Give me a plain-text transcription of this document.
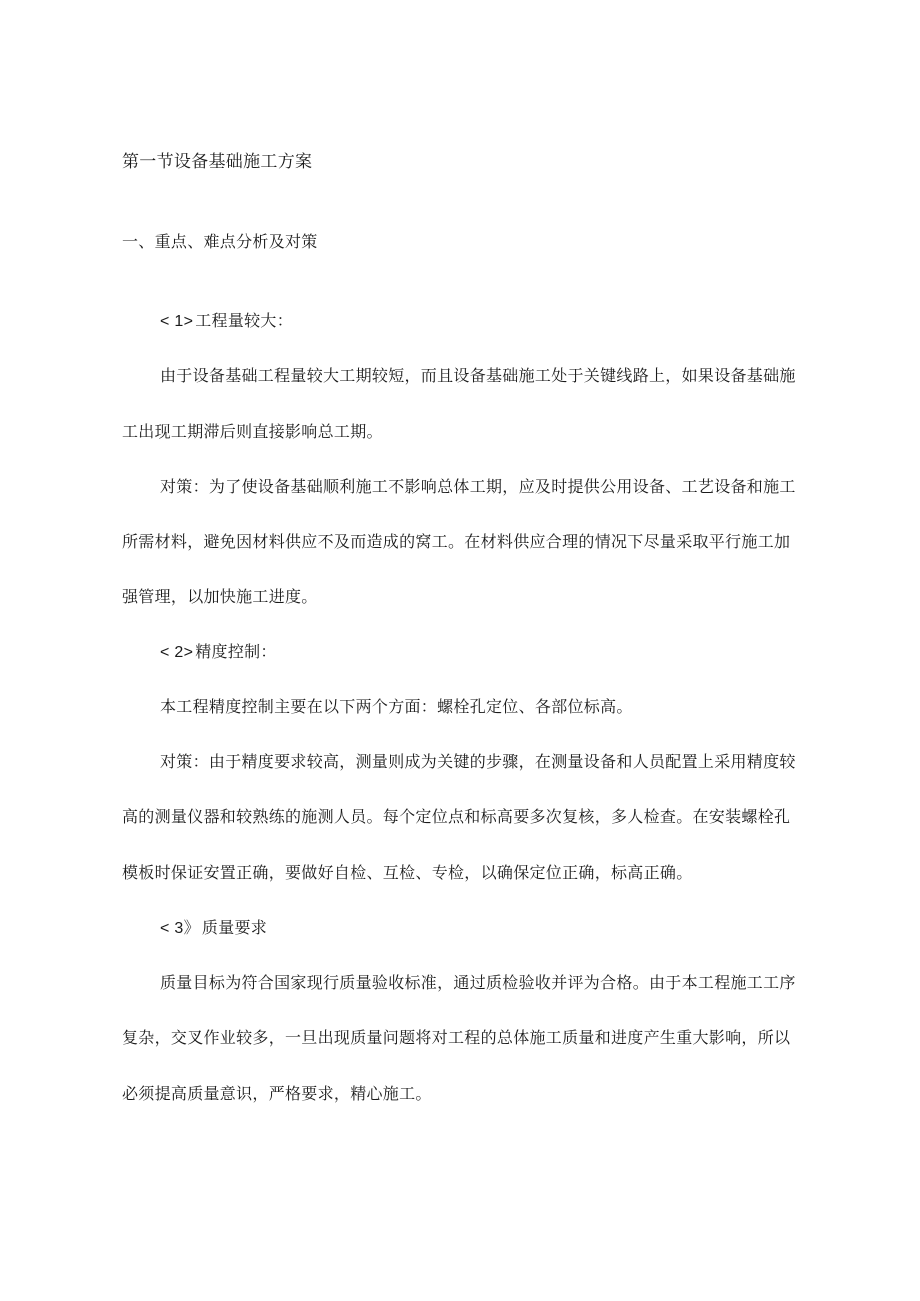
第一节设备基础施工方案
一、重点、难点分析及对策
< 1> 工程量较大：
由于设备基础工程量较大工期较短，而且设备基础施工处于关键线路上，如果设备基础施
工出现工期滞后则直接影响总工期。
对策：为了使设备基础顺利施工不影响总体工期，应及时提供公用设备、工艺设备和施工
所需材料，避免因材料供应不及而造成的窝工。在材料供应合理的情况下尽量采取平行施工加
强管理，以加快施工进度。
< 2> 精度控制：
本工程精度控制主要在以下两个方面：螺栓孔定位、各部位标高。
对策：由于精度要求较高，测量则成为关键的步骤，在测量设备和人员配置上采用精度较
高的测量仪器和较熟练的施测人员。每个定位点和标高要多次复核，多人检查。在安装螺栓孔
模板时保证安置正确，要做好自检、互检、专检，以确保定位正确，标高正确。
< 3》 质量要求
质量目标为符合国家现行质量验收标准，通过质检验收并评为合格。由于本工程施工工序
复杂，交叉作业较多，一旦出现质量问题将对工程的总体施工质量和进度产生重大影响，所以
必须提高质量意识，严格要求，精心施工。
